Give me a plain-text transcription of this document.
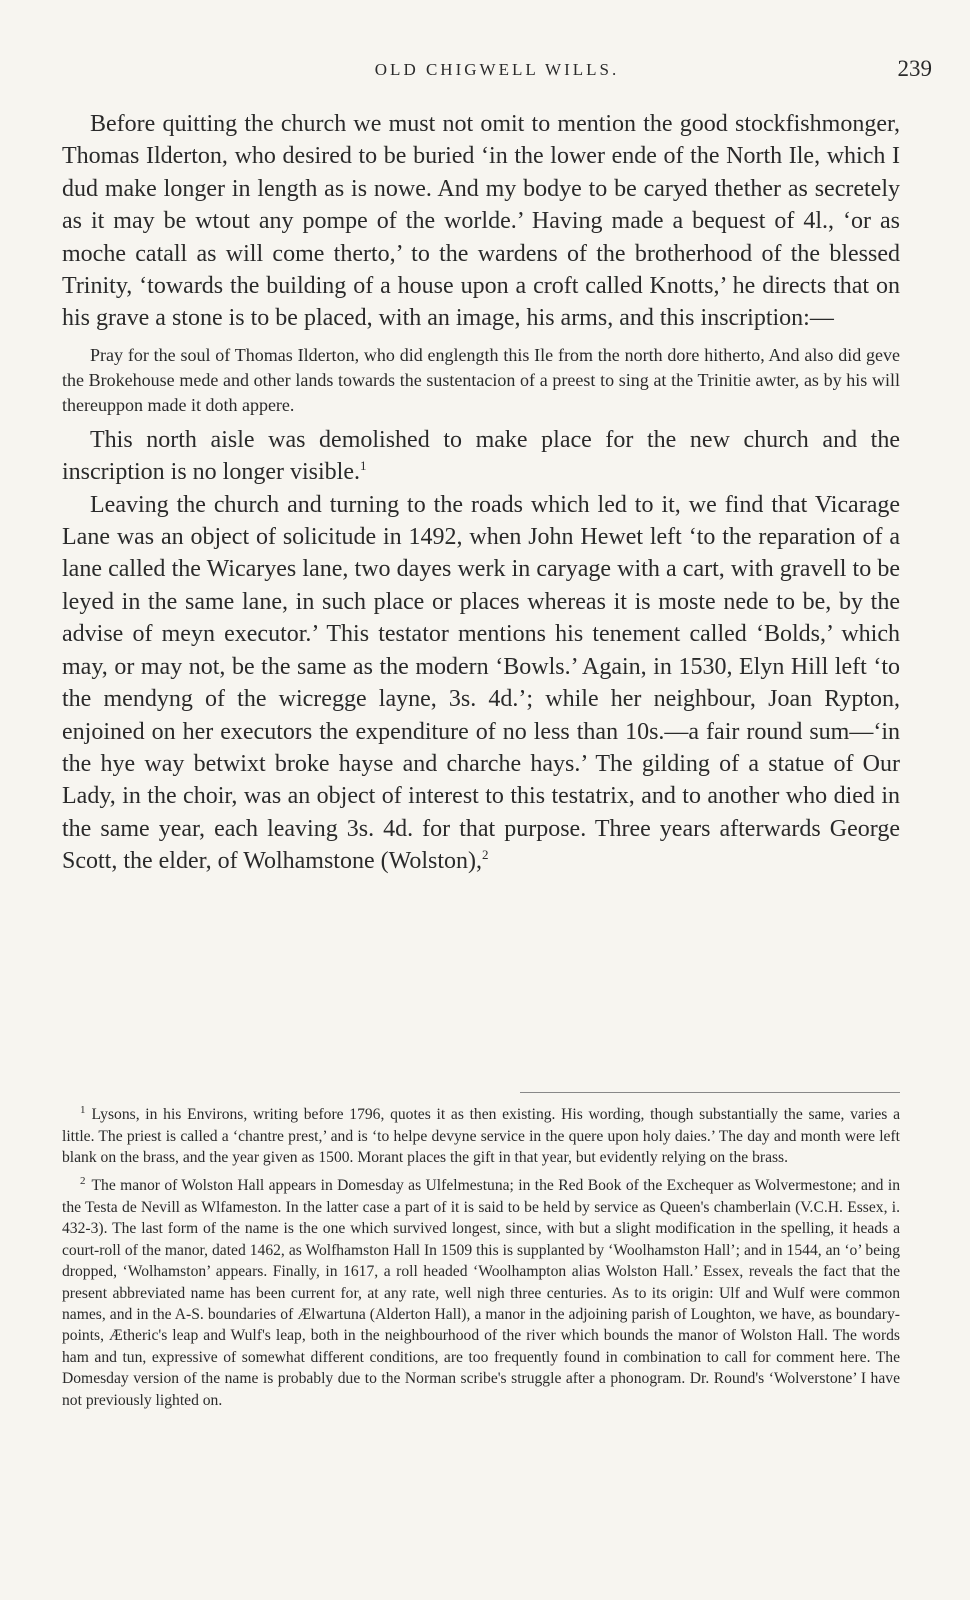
OLD CHIGWELL WILLS.	239

Before quitting the church we must not omit to mention the good stockfishmonger, Thomas Ilderton, who desired to be buried ‘in the lower ende of the North Ile, which I dud make longer in length as is nowe. And my bodye to be caryed thether as secretely as it may be wtout any pompe of the worlde.’ Having made a bequest of 4l., ‘or as moche catall as will come therto,’ to the wardens of the brotherhood of the blessed Trinity, ‘towards the building of a house upon a croft called Knotts,’ he directs that on his grave a stone is to be placed, with an image, his arms, and this inscription:—

Pray for the soul of Thomas Ilderton, who did englength this Ile from the north dore hitherto, And also did geve the Brokehouse mede and other lands towards the sustentacion of a preest to sing at the Trinitie awter, as by his will thereuppon made it doth appere.

This north aisle was demolished to make place for the new church and the inscription is no longer visible.$^1$

Leaving the church and turning to the roads which led to it, we find that Vicarage Lane was an object of solicitude in 1492, when John Hewet left ‘to the reparation of a lane called the Wicaryes lane, two dayes werk in caryage with a cart, with gravell to be leyed in the same lane, in such place or places whereas it is moste nede to be, by the advise of meyn executor.’ This testator mentions his tenement called ‘Bolds,’ which may, or may not, be the same as the modern ‘Bowls.’ Again, in 1530, Elyn Hill left ‘to the mendyng of the wicregge layne, 3s. 4d.’; while her neighbour, Joan Rypton, enjoined on her executors the expenditure of no less than 10s.—a fair round sum—‘in the hye way betwixt broke hayse and charche hays.’ The gilding of a statue of Our Lady, in the choir, was an object of interest to this testatrix, and to another who died in the same year, each leaving 3s. 4d. for that purpose. Three years afterwards George Scott, the elder, of Wolhamstone (Wolston),$^2$

$^1$ Lysons, in his Environs, writing before 1796, quotes it as then existing. His wording, though substantially the same, varies a little. The priest is called a ‘chantre prest,’ and is ‘to helpe devyne service in the quere upon holy daies.’ The day and month were left blank on the brass, and the year given as 1500. Morant places the gift in that year, but evidently relying on the brass.

$^2$ The manor of Wolston Hall appears in Domesday as Ulfelmestuna; in the Red Book of the Exchequer as Wolvermestone; and in the Testa de Nevill as Wlfameston. In the latter case a part of it is said to be held by service as Queen's chamberlain (V.C.H. Essex, i. 432-3). The last form of the name is the one which survived longest, since, with but a slight modification in the spelling, it heads a court-roll of the manor, dated 1462, as Wolfhamston Hall In 1509 this is supplanted by ‘Woolhamston Hall’; and in 1544, an ‘o’ being dropped, ‘Wolhamston’ appears. Finally, in 1617, a roll headed ‘Woolhampton alias Wolston Hall.’ Essex, reveals the fact that the present abbreviated name has been current for, at any rate, well nigh three centuries. As to its origin: Ulf and Wulf were common names, and in the A-S. boundaries of Ælwartuna (Alderton Hall), a manor in the adjoining parish of Loughton, we have, as boundary-points, Ætheric's leap and Wulf's leap, both in the neighbourhood of the river which bounds the manor of Wolston Hall. The words ham and tun, expressive of somewhat different conditions, are too frequently found in combination to call for comment here. The Domesday version of the name is probably due to the Norman scribe's struggle after a phonogram. Dr. Round's ‘Wolverstone’ I have not previously lighted on.
